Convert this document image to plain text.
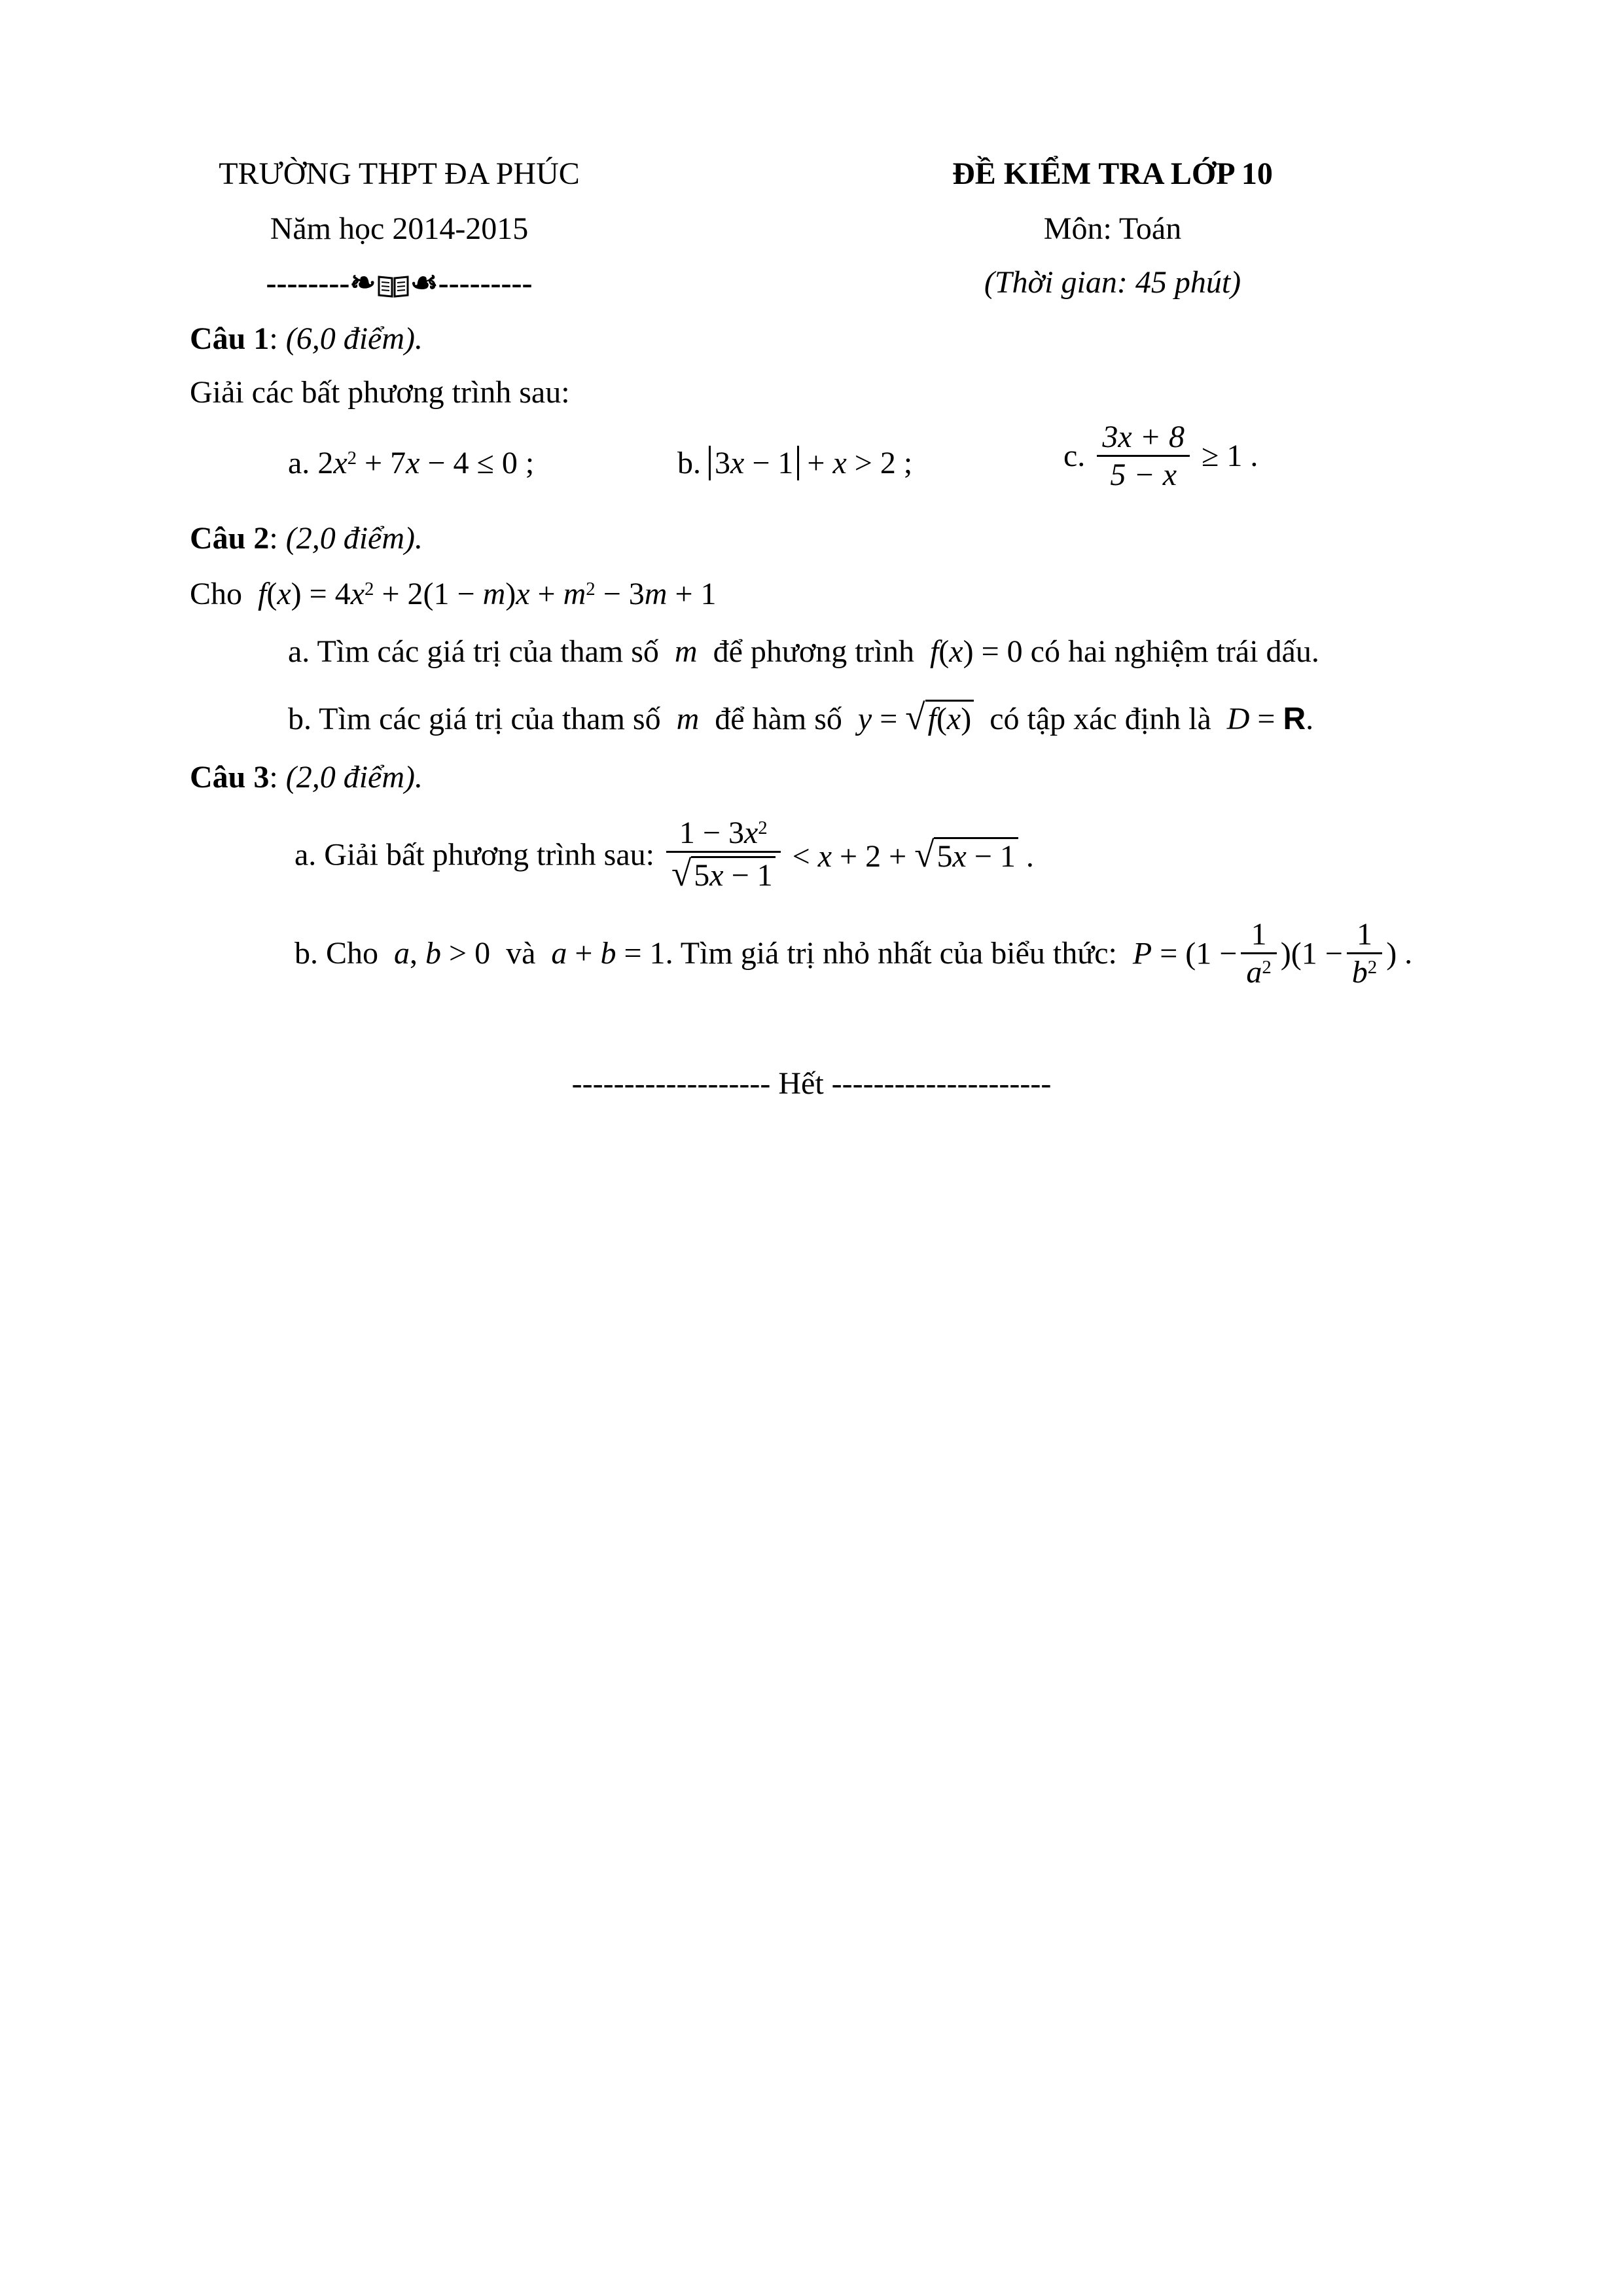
TRƯỜNG THPT ĐA PHÚC
Năm học 2014-2015
--------❧ ☙---------
ĐỀ KIỂM TRA LỚP 10
Môn: Toán
(Thời gian: 45 phút)
Câu 1: (6,0 điểm).
Giải các bất phương trình sau:
a. $2x^2 + 7x - 4 \le 0$ ;	b. 3x − 1 + x > 2 ;	c. $\frac{3x + 8}{5 - x} \ge 1$ .
Câu 2: (2,0 điểm).
Cho $f(x) = 4x^2 + 2(1 - m)x + m^2 - 3m + 1$
a. Tìm các giá trị của tham số  m  để phương trình f(x) = 0 có hai nghiệm trái dấu.
b. Tìm các giá trị của tham số  m  để hàm số y = √f(x) có tập xác định là D = R.
Câu 3: (2,0 điểm).
a. Giải bất phương trình sau: $\frac{1 - 3x^2}{√5x - 1} < x + 2 + √5x - 1$ .
b. Cho a, b > 0  và a + b = 1. Tìm giá trị nhỏ nhất của biểu thức: $P = (1 - \frac{1}{a^2} )(1 - \frac{1}{b^2}$ ) .
------------------- Hết ---------------------
